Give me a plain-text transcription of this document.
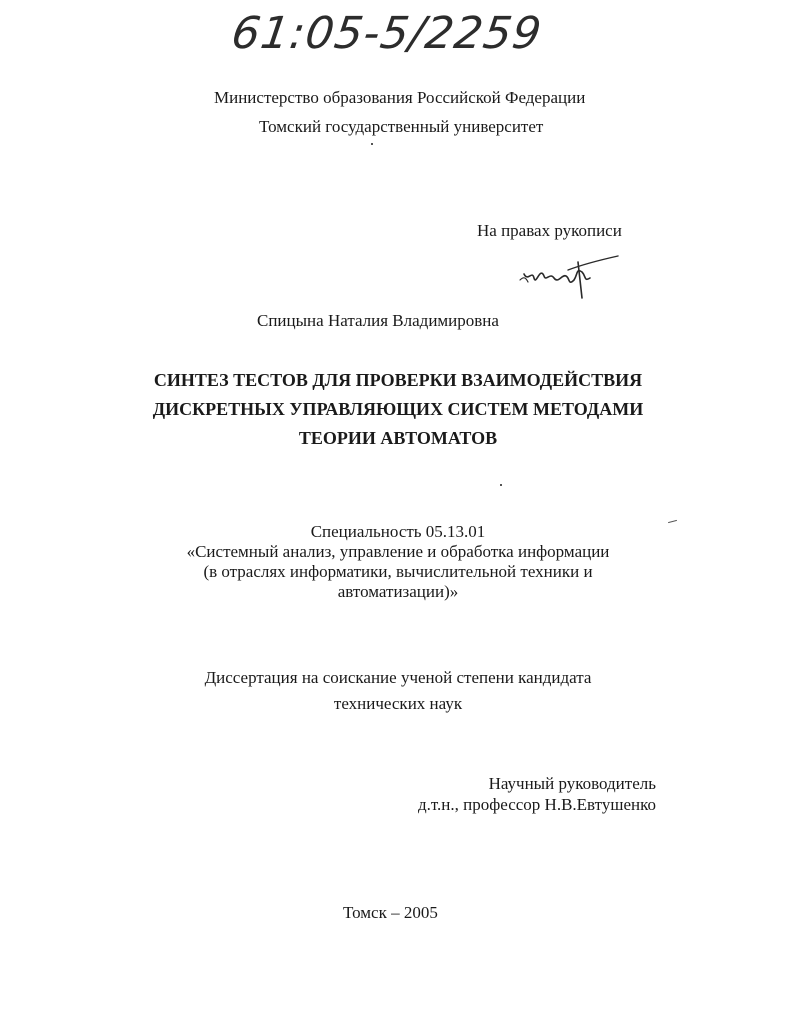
61:05-5/2259
Министерство образования Российской Федерации
Томский государственный университет
На правах рукописи
Спицына Наталия Владимировна
СИНТЕЗ ТЕСТОВ ДЛЯ ПРОВЕРКИ ВЗАИМОДЕЙСТВИЯ
ДИСКРЕТНЫХ УПРАВЛЯЮЩИХ СИСТЕМ МЕТОДАМИ
ТЕОРИИ АВТОМАТОВ
Специальность 05.13.01
«Системный анализ, управление и обработка информации
(в отраслях информатики, вычислительной техники и
автоматизации)»
Диссертация на соискание ученой степени кандидата
технических наук
Научный руководитель
д.т.н., профессор Н.В.Евтушенко
Томск – 2005
